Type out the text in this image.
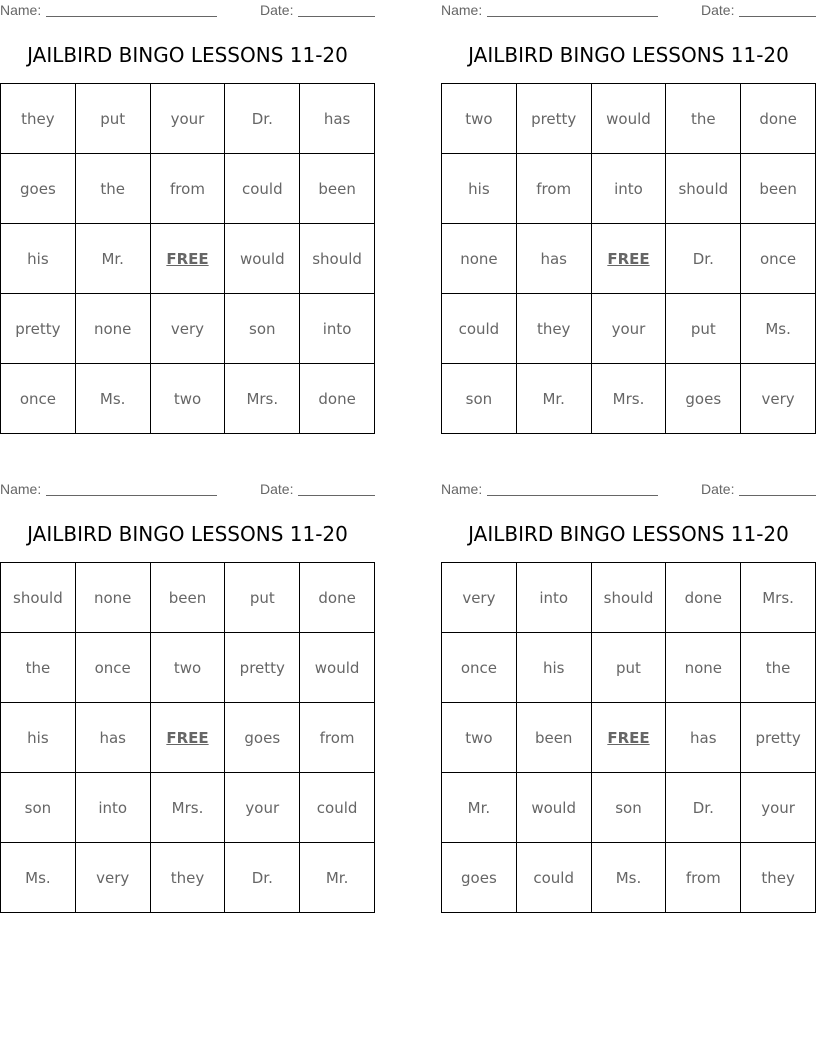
Name:	Date:
JAILBIRD BINGO LESSONS 11-20
they	put	your	Dr.	has
goes	the	from	could	been
his	Mr.	FREE	would	should
pretty	none	very	son	into
once	Ms.	two	Mrs.	done
Name:	Date:
JAILBIRD BINGO LESSONS 11-20
two	pretty	would	the	done
his	from	into	should	been
none	has	FREE	Dr.	once
could	they	your	put	Ms.
son	Mr.	Mrs.	goes	very
Name:	Date:
JAILBIRD BINGO LESSONS 11-20
should	none	been	put	done
the	once	two	pretty	would
his	has	FREE	goes	from
son	into	Mrs.	your	could
Ms.	very	they	Dr.	Mr.
Name:	Date:
JAILBIRD BINGO LESSONS 11-20
very	into	should	done	Mrs.
once	his	put	none	the
two	been	FREE	has	pretty
Mr.	would	son	Dr.	your
goes	could	Ms.	from	they
